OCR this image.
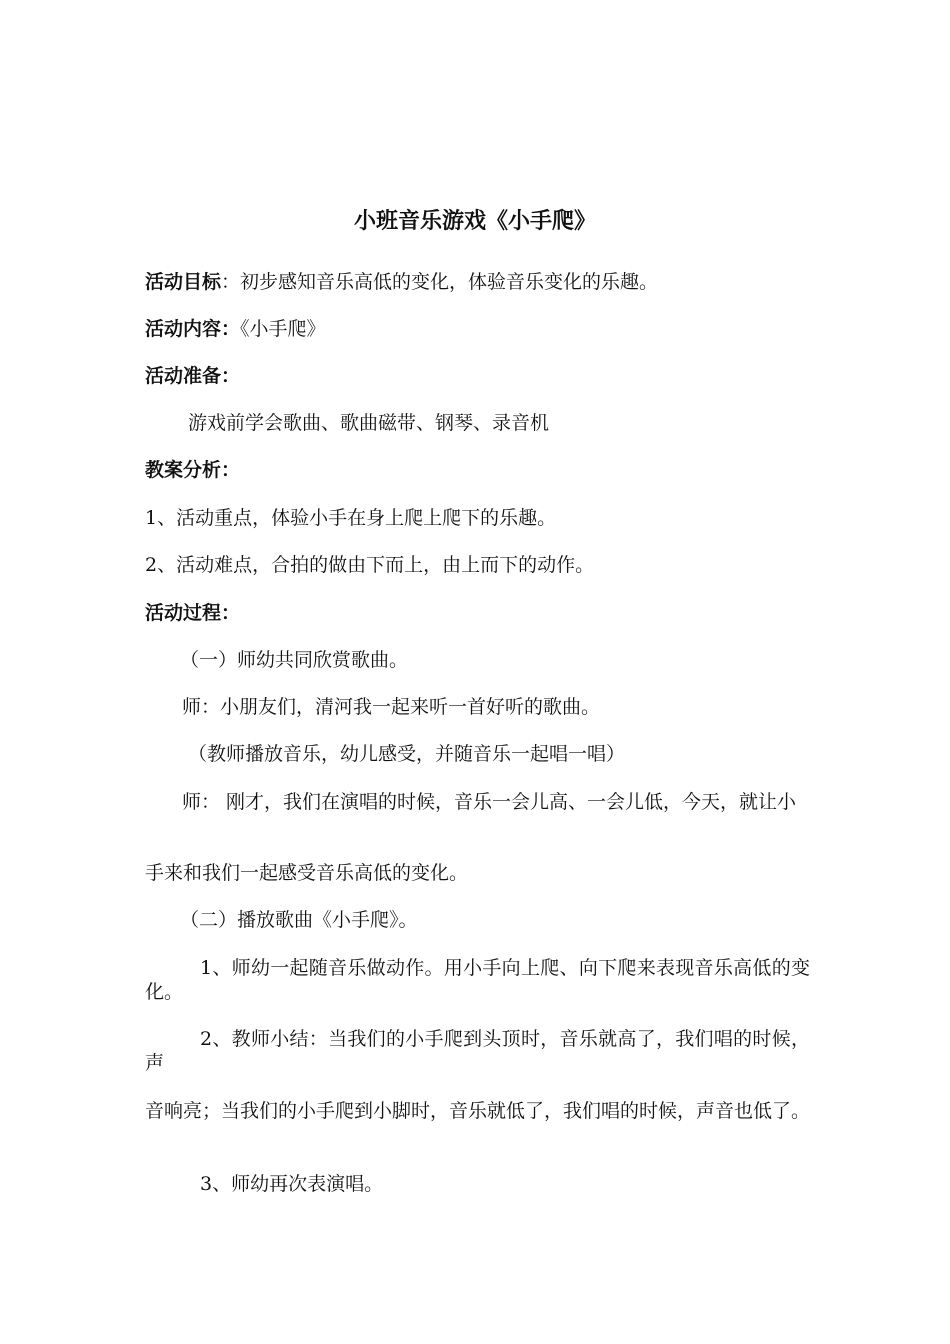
小班音乐游戏《小手爬》
活动目标：初步感知音乐高低的变化，体验音乐变化的乐趣。
活动内容：《小手爬》
活动准备：
游戏前学会歌曲、歌曲磁带、钢琴、录音机
教案分析：
1、活动重点，体验小手在身上爬上爬下的乐趣。
2、活动难点，合拍的做由下而上，由上而下的动作。
活动过程：
（一）师幼共同欣赏歌曲。
师：小朋友们，清河我一起来听一首好听的歌曲。
（教师播放音乐，幼儿感受，并随音乐一起唱一唱）
师： 刚才，我们在演唱的时候，音乐一会儿高、一会儿低，今天，就让小
手来和我们一起感受音乐高低的变化。
（二）播放歌曲《小手爬》。
1、师幼一起随音乐做动作。用小手向上爬、向下爬来表现音乐高低的变化。
2、教师小结：当我们的小手爬到头顶时，音乐就高了，我们唱的时候，声
音响亮；当我们的小手爬到小脚时，音乐就低了，我们唱的时候，声音也低了。
3、师幼再次表演唱。
